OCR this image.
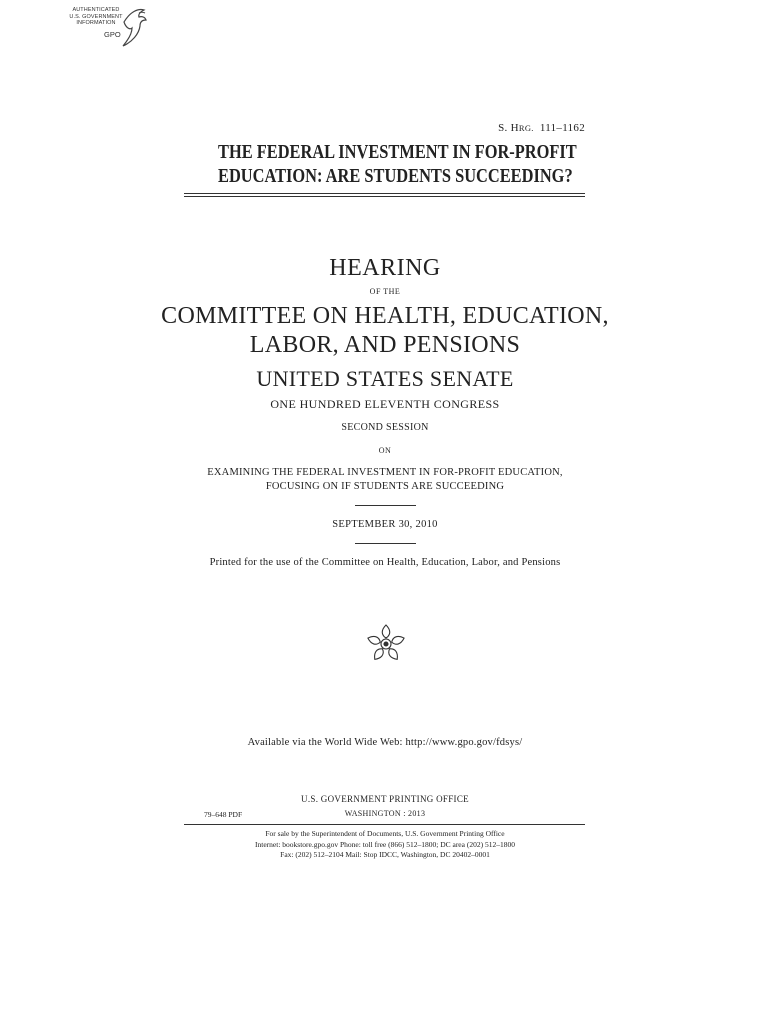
AUTHENTICATED
U.S. GOVERNMENT
INFORMATION
GPO
S. HRG. 111–1162
THE FEDERAL INVESTMENT IN FOR-PROFIT
EDUCATION: ARE STUDENTS SUCCEEDING?
HEARING
OF THE
COMMITTEE ON HEALTH, EDUCATION,
LABOR, AND PENSIONS
UNITED STATES SENATE
ONE HUNDRED ELEVENTH CONGRESS
SECOND SESSION
ON
EXAMINING THE FEDERAL INVESTMENT IN FOR-PROFIT EDUCATION,
FOCUSING ON IF STUDENTS ARE SUCCEEDING
SEPTEMBER 30, 2010
Printed for the use of the Committee on Health, Education, Labor, and Pensions
Available via the World Wide Web: http://www.gpo.gov/fdsys/
U.S. GOVERNMENT PRINTING OFFICE
79–648 PDF	WASHINGTON : 2013
For sale by the Superintendent of Documents, U.S. Government Printing Office
Internet: bookstore.gpo.gov Phone: toll free (866) 512–1800; DC area (202) 512–1800
Fax: (202) 512–2104 Mail: Stop IDCC, Washington, DC 20402–0001
